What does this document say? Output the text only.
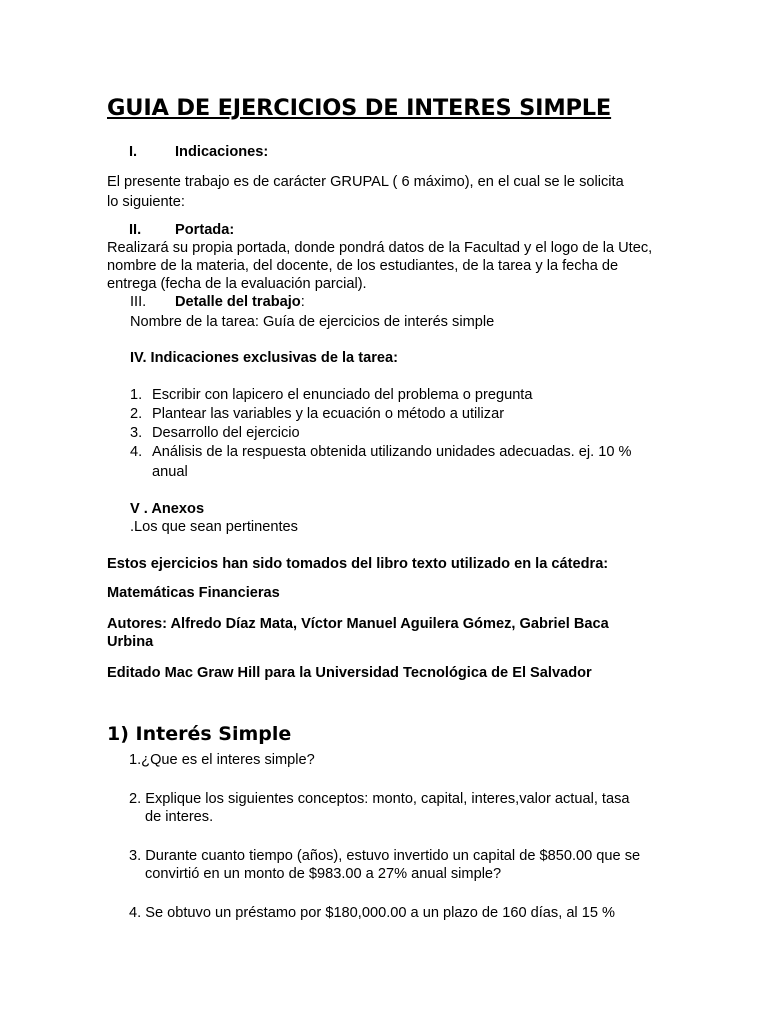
GUIA DE EJERCICIOS DE INTERES SIMPLE
I.	Indicaciones:
El presente trabajo es de carácter GRUPAL ( 6 máximo), en el cual se le solicita
lo siguiente:
II. Portada:
Realizará su propia portada, donde pondrá datos de la Facultad y el logo de la Utec,
nombre de la materia, del docente, de los estudiantes, de la tarea y la fecha de
entrega (fecha de la evaluación parcial).
III. Detalle del trabajo:
Nombre de la tarea: Guía de ejercicios de interés simple
IV. Indicaciones exclusivas de la tarea:
1. Escribir con lapicero el enunciado del problema o pregunta
2. Plantear las variables y la ecuación o método a utilizar
3. Desarrollo del ejercicio
4. Análisis de la respuesta obtenida utilizando unidades adecuadas. ej. 10 %
anual
V . Anexos
.Los que sean pertinentes
Estos ejercicios han sido tomados del libro texto utilizado en la cátedra:
Matemáticas Financieras
Autores: Alfredo Díaz Mata, Víctor Manuel Aguilera Gómez, Gabriel Baca
Urbina
Editado Mac Graw Hill para la Universidad Tecnológica de El Salvador
1) Interés Simple
1.¿Que es el interes simple?
2. Explique los siguientes conceptos: monto, capital, interes,valor actual, tasa
de interes.
3. Durante cuanto tiempo (años), estuvo invertido un capital de $850.00 que se
convirtió en un monto de $983.00 a 27% anual simple?
4. Se obtuvo un préstamo por $180,000.00 a un plazo de 160 días, al 15 %
